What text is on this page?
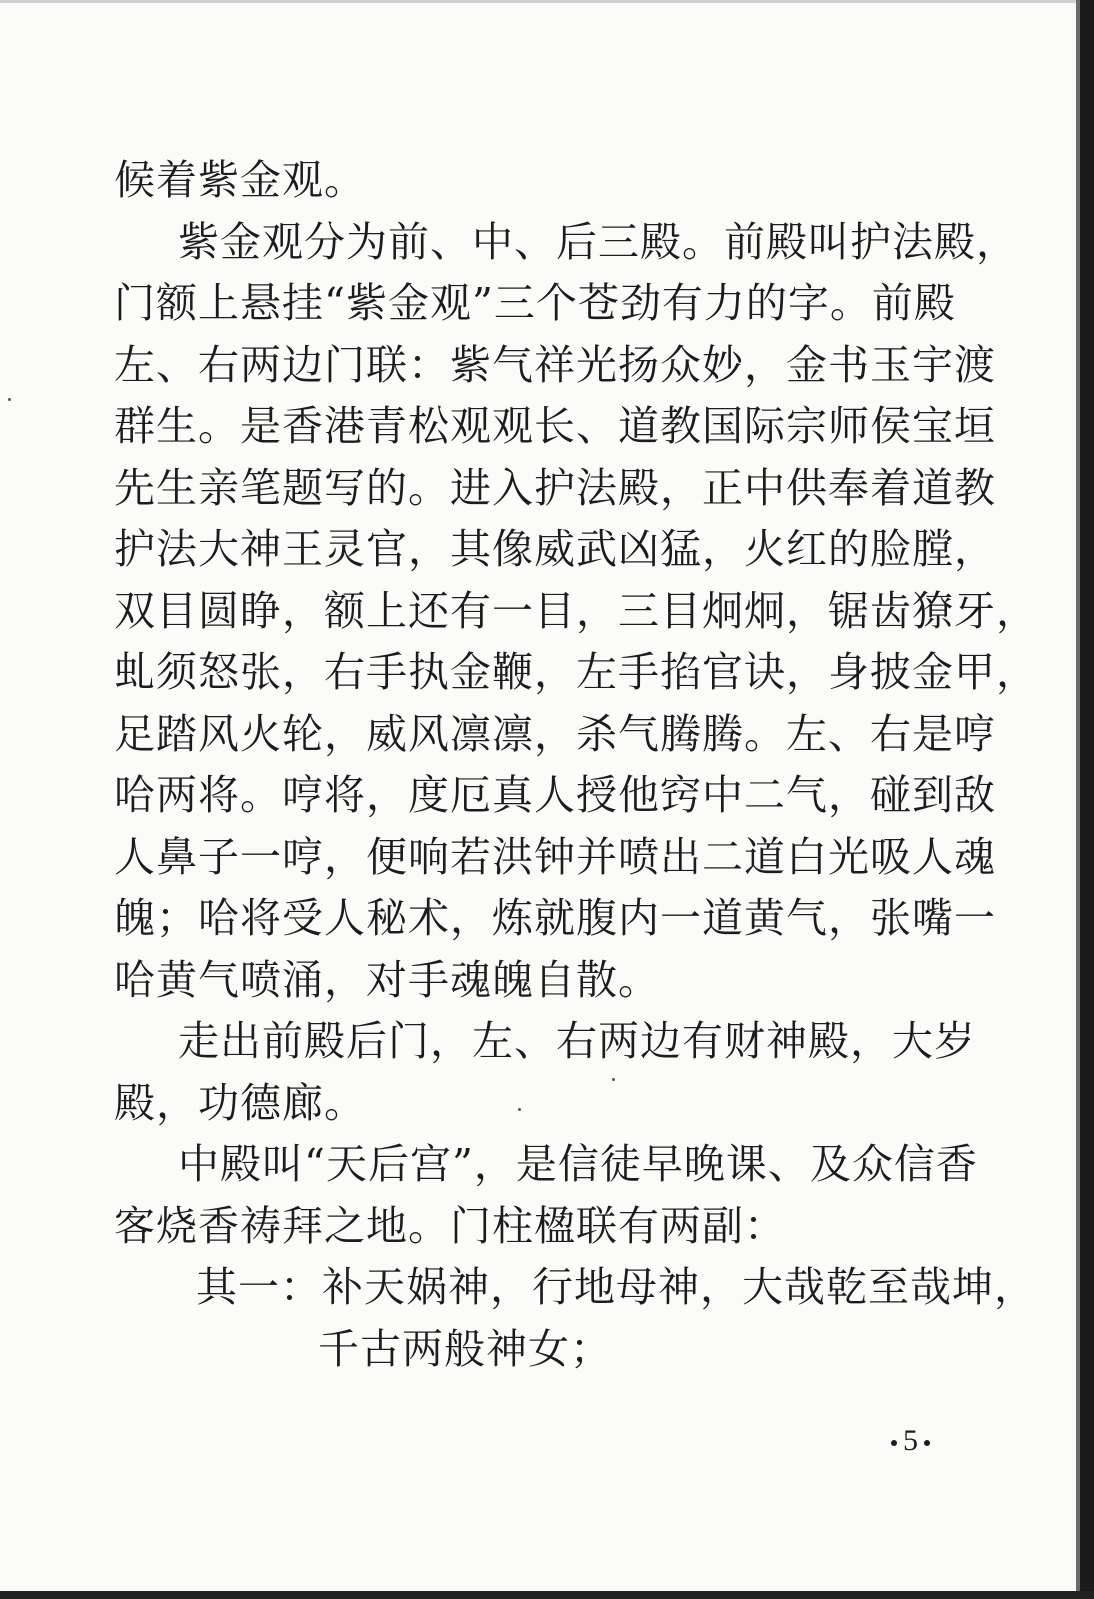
候着紫金观。
紫金观分为前、中、后三殿。前殿叫护法殿，
门额上悬挂“紫金观”三个苍劲有力的字。前殿
左、右两边门联：紫气祥光扬众妙，金书玉宇渡
群生。是香港青松观观长、道教国际宗师侯宝垣
先生亲笔题写的。进入护法殿，正中供奉着道教
护法大神王灵官，其像威武凶猛，火红的脸膛，
双目圆睁，额上还有一目，三目炯炯，锯齿獠牙，
虬须怒张，右手执金鞭，左手掐官诀，身披金甲，
足踏风火轮，威风凛凛，杀气腾腾。左、右是哼
哈两将。哼将，度厄真人授他窍中二气，碰到敌
人鼻子一哼，便响若洪钟并喷出二道白光吸人魂
魄；哈将受人秘术，炼就腹内一道黄气，张嘴一
哈黄气喷涌，对手魂魄自散。
走出前殿后门，左、右两边有财神殿，大岁
殿，功德廊。
中殿叫“天后宫”，是信徒早晚课、及众信香
客烧香祷拜之地。门柱楹联有两副：
其一：补天娲神，行地母神，大哉乾至哉坤，
千古两般神女；
5
